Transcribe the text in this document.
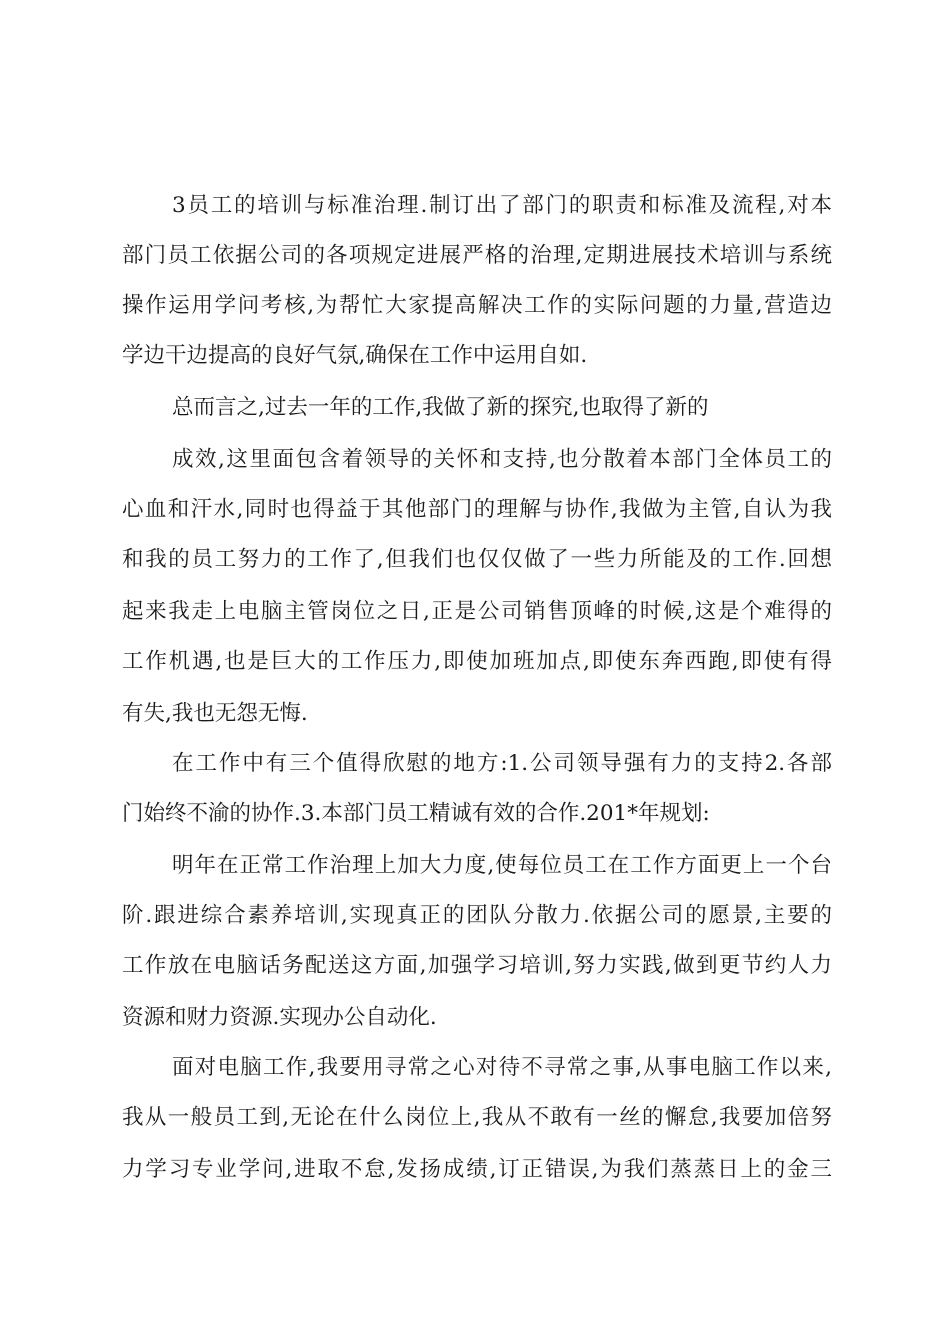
3员工的培训与标准治理.制订出了部门的职责和标准及流程,对本
部门员工依据公司的各项规定进展严格的治理,定期进展技术培训与系统
操作运用学问考核,为帮忙大家提高解决工作的实际问题的力量,营造边
学边干边提高的良好气氛,确保在工作中运用自如.
总而言之,过去一年的工作,我做了新的探究,也取得了新的
成效,这里面包含着领导的关怀和支持,也分散着本部门全体员工的
心血和汗水,同时也得益于其他部门的理解与协作,我做为主管,自认为我
和我的员工努力的工作了,但我们也仅仅做了一些力所能及的工作.回想
起来我走上电脑主管岗位之日,正是公司销售顶峰的时候,这是个难得的
工作机遇,也是巨大的工作压力,即使加班加点,即使东奔西跑,即使有得
有失,我也无怨无悔.
在工作中有三个值得欣慰的地方:1.公司领导强有力的支持2.各部
门始终不渝的协作.3.本部门员工精诚有效的合作.201*年规划:
明年在正常工作治理上加大力度,使每位员工在工作方面更上一个台
阶.跟进综合素养培训,实现真正的团队分散力.依据公司的愿景,主要的
工作放在电脑话务配送这方面,加强学习培训,努力实践,做到更节约人力
资源和财力资源.实现办公自动化.
面对电脑工作,我要用寻常之心对待不寻常之事,从事电脑工作以来,
我从一般员工到,无论在什么岗位上,我从不敢有一丝的懈怠,我要加倍努
力学习专业学问,进取不怠,发扬成绩,订正错误,为我们蒸蒸日上的金三
